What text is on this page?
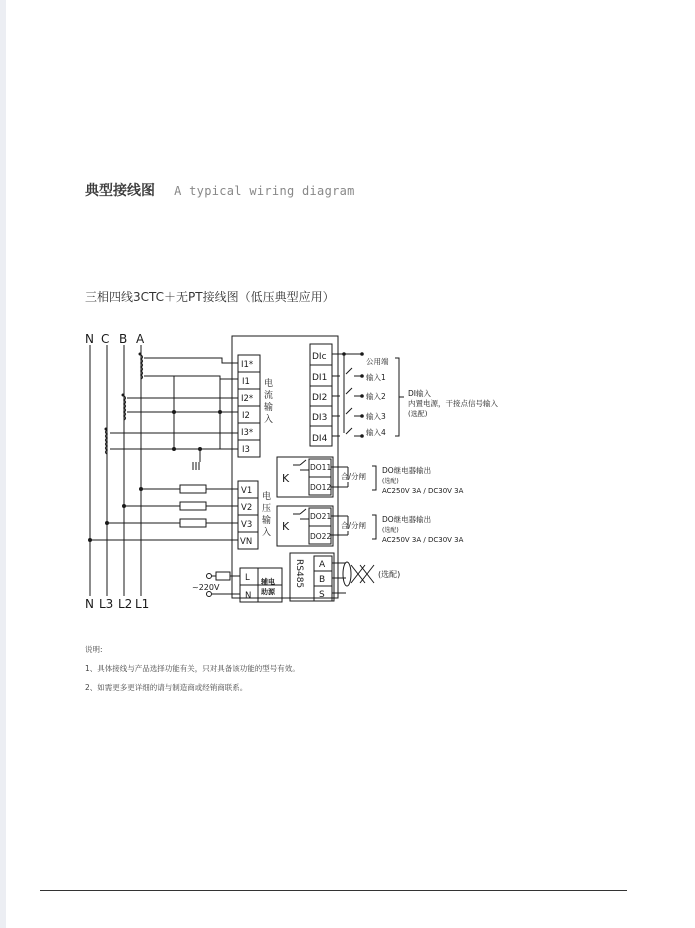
典型接线图 A typical wiring diagram
三相四线3CTC＋无PT接线图（低压典型应用）
N C B A
N L3 L2 L1
I1*
I1
I2*
I2
I3*
I3
电
流
输
入
V1
V2
V3
VN
电
压
输
入
L
N
辅电
助源
~220V
DIc
DI1
DI2
DI3
DI4
公用端
输入1
输入2
输入3
输入4
DI输入
内置电源，干接点信号输入
(选配)
K
K
DO11
DO12
DO21
DO22
合/分闸
合/分闸
DO继电器输出
(选配)
AC250V 3A / DC30V 3A
DO继电器输出
(选配)
AC250V 3A / DC30V 3A
RS485 A
B
S
(选配)
说明:
1、具体接线与产品选择功能有关，只对具备该功能的型号有效。
2、如需更多更详细的请与制造商或经销商联系。
